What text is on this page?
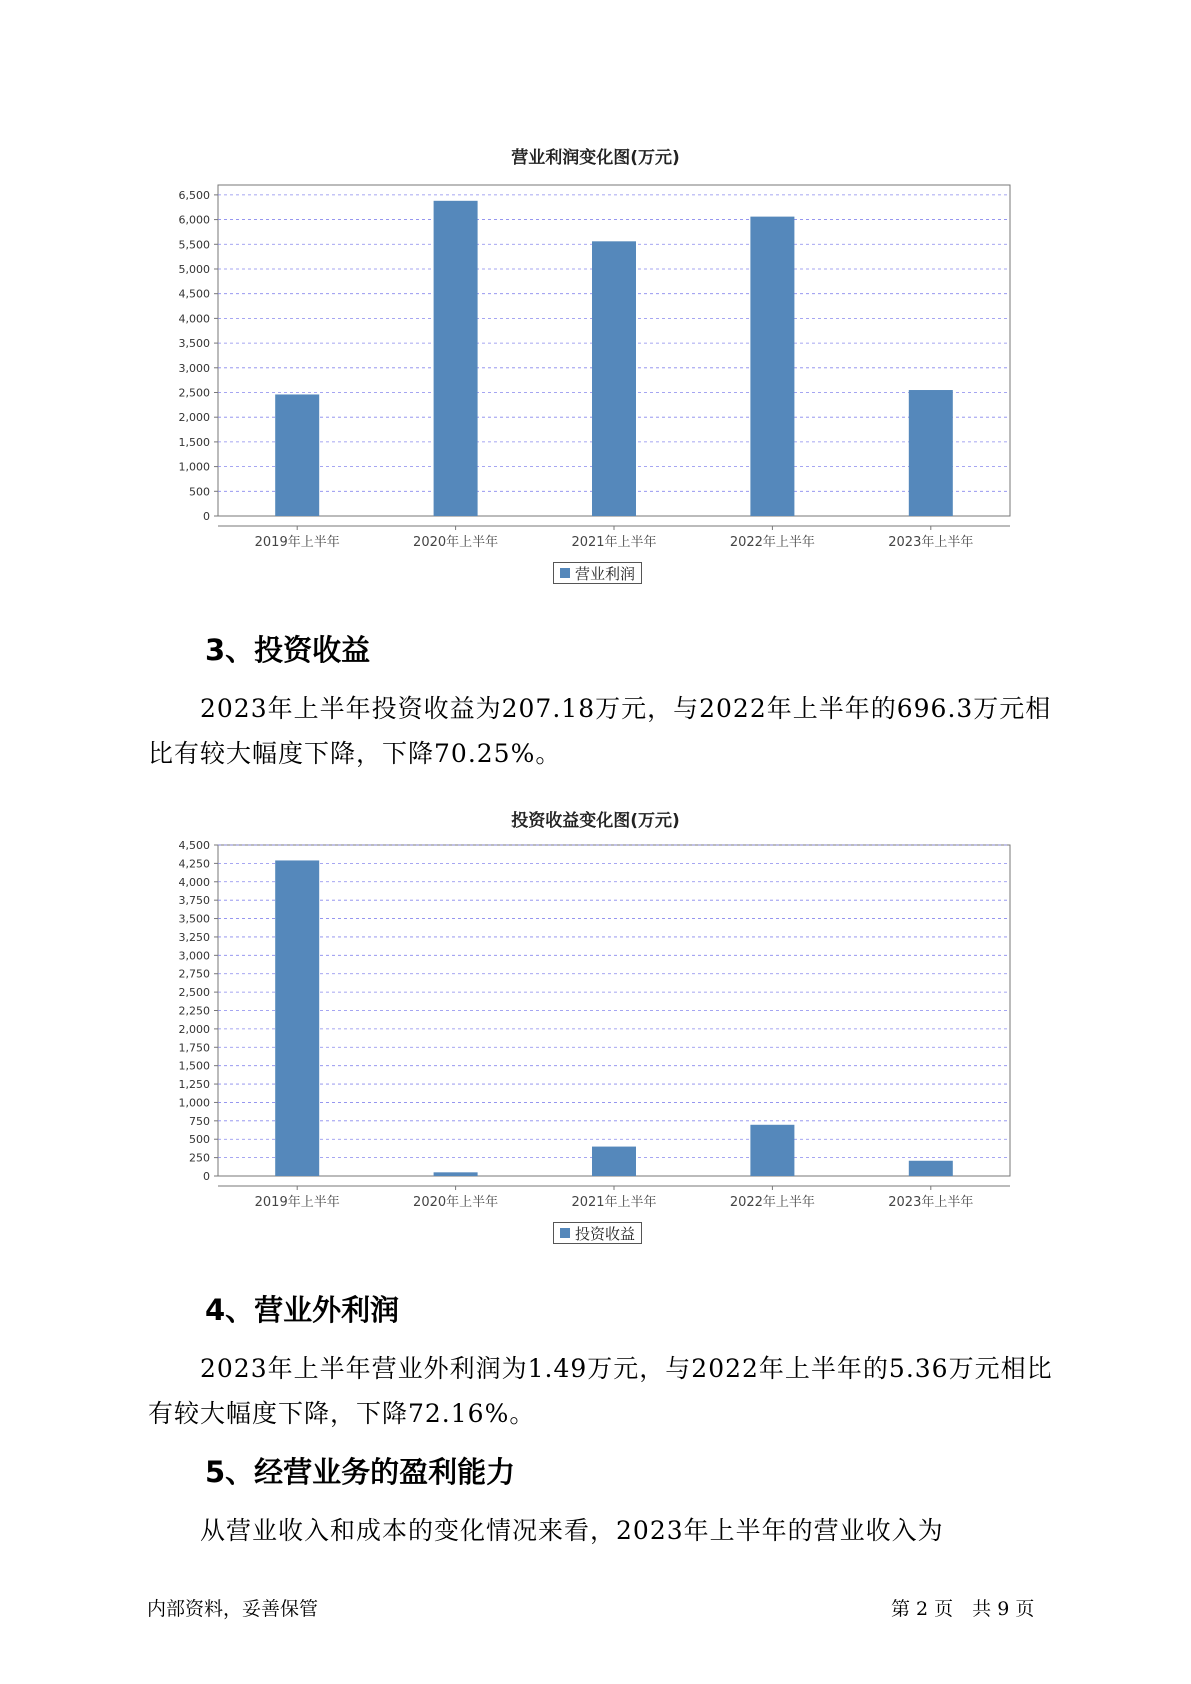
营业利润变化图(万元)
0
500
1,000
1,500
2,000
2,500
3,000
3,500
4,000
4,500
5,000
5,500
6,000
6,500
2019年上半年	2020年上半年	2021年上半年	2022年上半年	2023年上半年
营业利润
3、投资收益
2023年上半年投资收益为207.18万元，与2022年上半年的696.3万元相比有较大幅度下降，下降70.25%。
投资收益变化图(万元)
0
250
500
750
1,000
1,250
1,500
1,750
2,000
2,250
2,500
2,750
3,000
3,250
3,500
3,750
4,000
4,250
4,500
2019年上半年	2020年上半年	2021年上半年	2022年上半年	2023年上半年
投资收益
4、营业外利润
2023年上半年营业外利润为1.49万元，与2022年上半年的5.36万元相比有较大幅度下降，下降72.16%。
5、经营业务的盈利能力
从营业收入和成本的变化情况来看，2023年上半年的营业收入为
内部资料，妥善保管	第 2 页　共 9 页
